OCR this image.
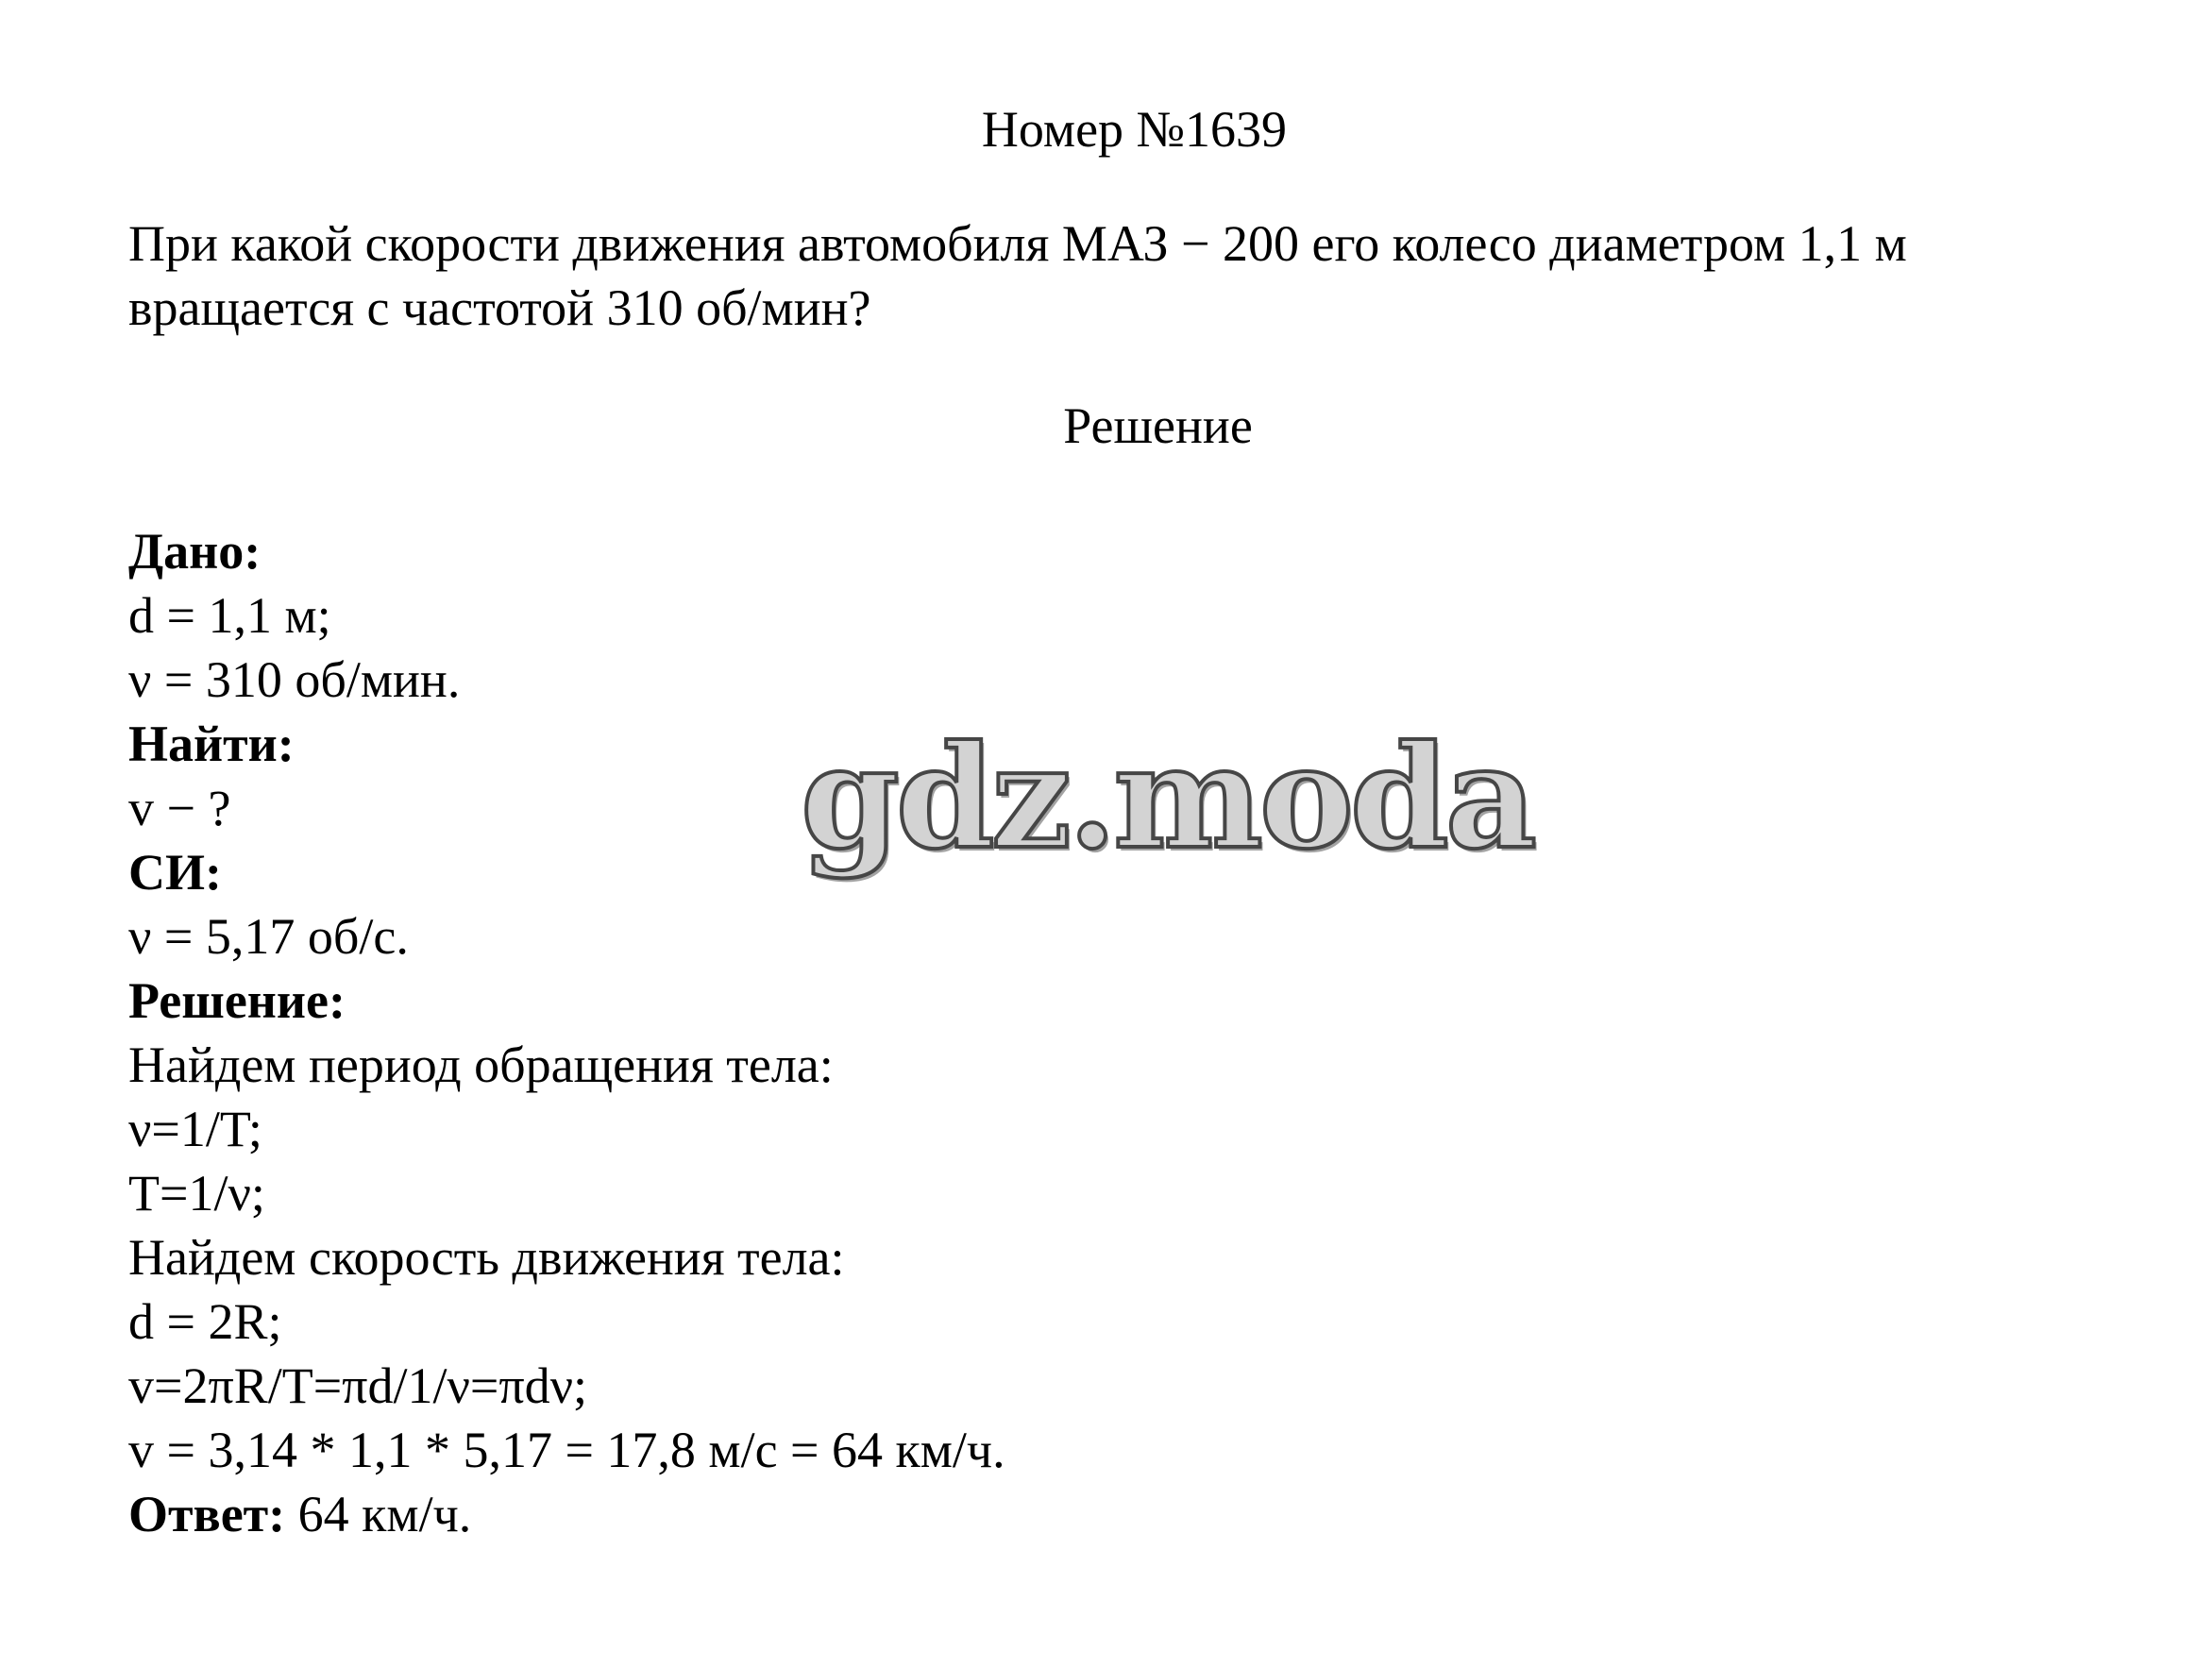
Номер №1639
При какой скорости движения автомобиля МАЗ − 200 его колесо диаметром 1,1 м
вращается с частотой 310 об/мин?
Решение
Дано:
d = 1,1 м;
ν = 310 об/мин.
Найти:
v − ?
СИ:
ν = 5,17 об/с.
Решение:
Найдем период обращения тела:
ν=1/T;
T=1/ν;
Найдем скорость движения тела:
d = 2R;
v=2πR/T=πd/1/ν=πdν;
v = 3,14 * 1,1 * 5,17 = 17,8 м/с = 64 км/ч.
Ответ: 64 км/ч.
gdz.moda
